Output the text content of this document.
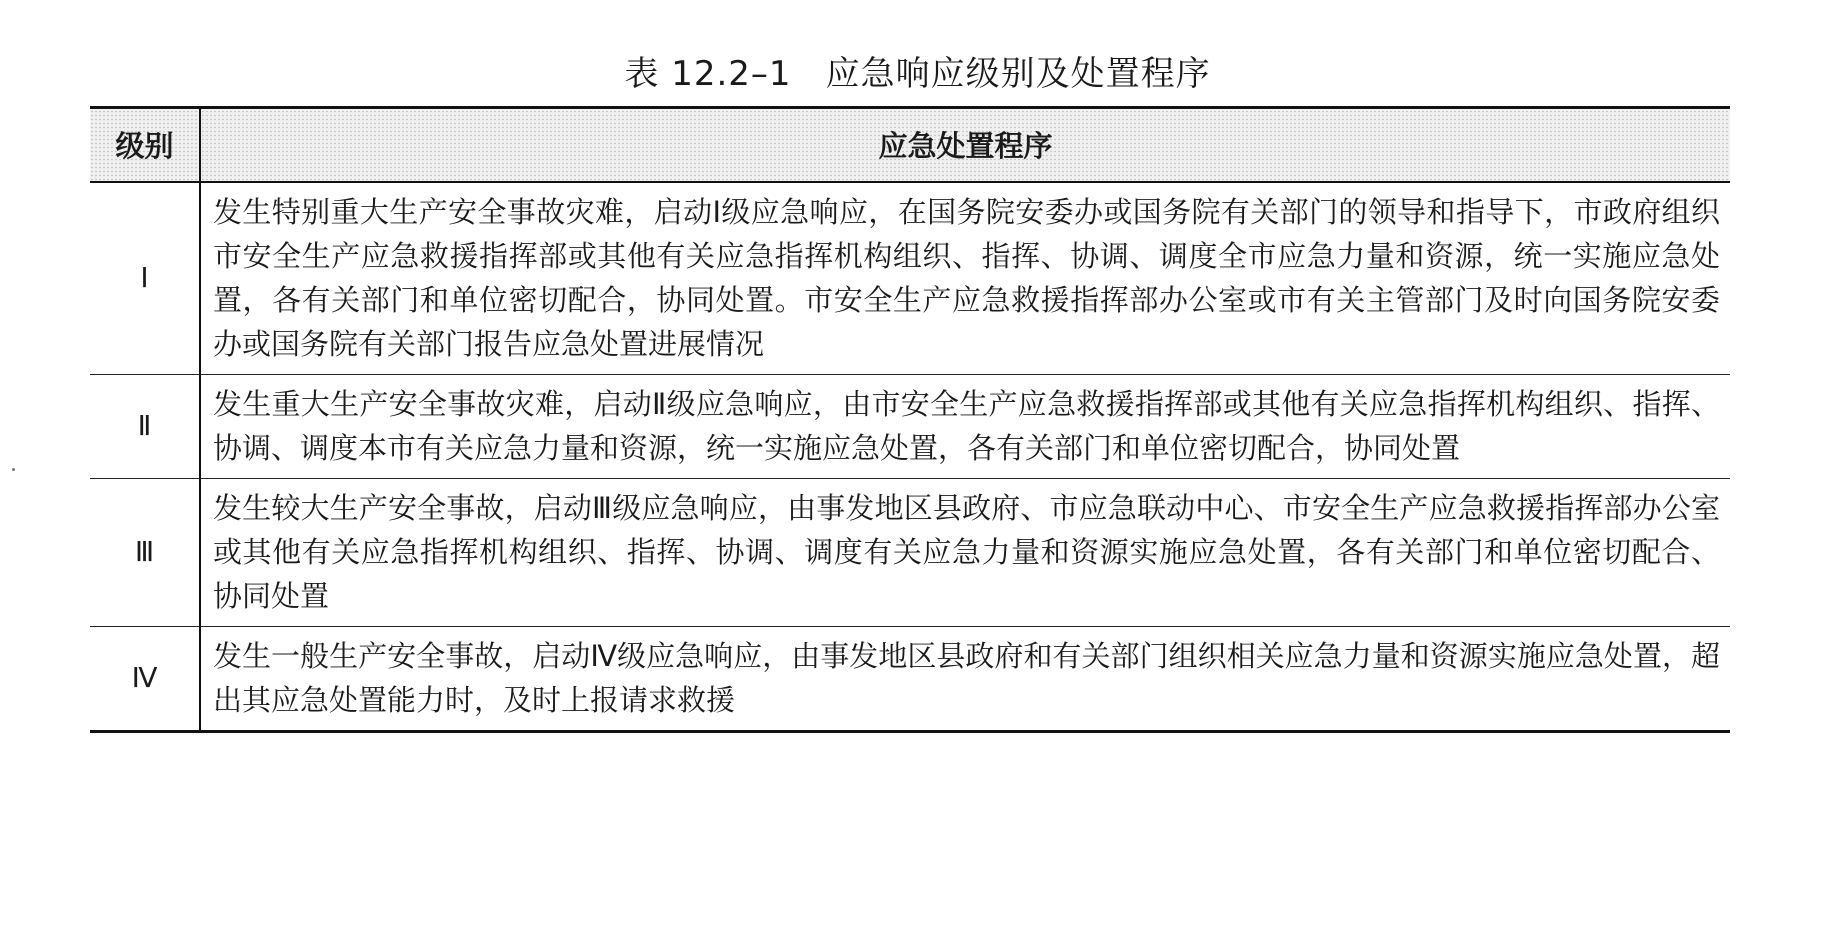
表 12.2–1 应急响应级别及处置程序
级别	应急处置程序
Ⅰ	发生特别重大生产安全事故灾难，启动Ⅰ级应急响应，在国务院安委办或国务院有关部门的领导和指导下，市政府组织市安全生产应急救援指挥部或其他有关应急指挥机构组织、指挥、协调、调度全市应急力量和资源，统一实施应急处置，各有关部门和单位密切配合，协同处置。市安全生产应急救援指挥部办公室或市有关主管部门及时向国务院安委办或国务院有关部门报告应急处置进展情况
Ⅱ	发生重大生产安全事故灾难，启动Ⅱ级应急响应，由市安全生产应急救援指挥部或其他有关应急指挥机构组织、指挥、协调、调度本市有关应急力量和资源，统一实施应急处置，各有关部门和单位密切配合，协同处置
Ⅲ	发生较大生产安全事故，启动Ⅲ级应急响应，由事发地区县政府、市应急联动中心、市安全生产应急救援指挥部办公室或其他有关应急指挥机构组织、指挥、协调、调度有关应急力量和资源实施应急处置，各有关部门和单位密切配合、协同处置
Ⅳ	发生一般生产安全事故，启动Ⅳ级应急响应，由事发地区县政府和有关部门组织相关应急力量和资源实施应急处置，超出其应急处置能力时，及时上报请求救援
